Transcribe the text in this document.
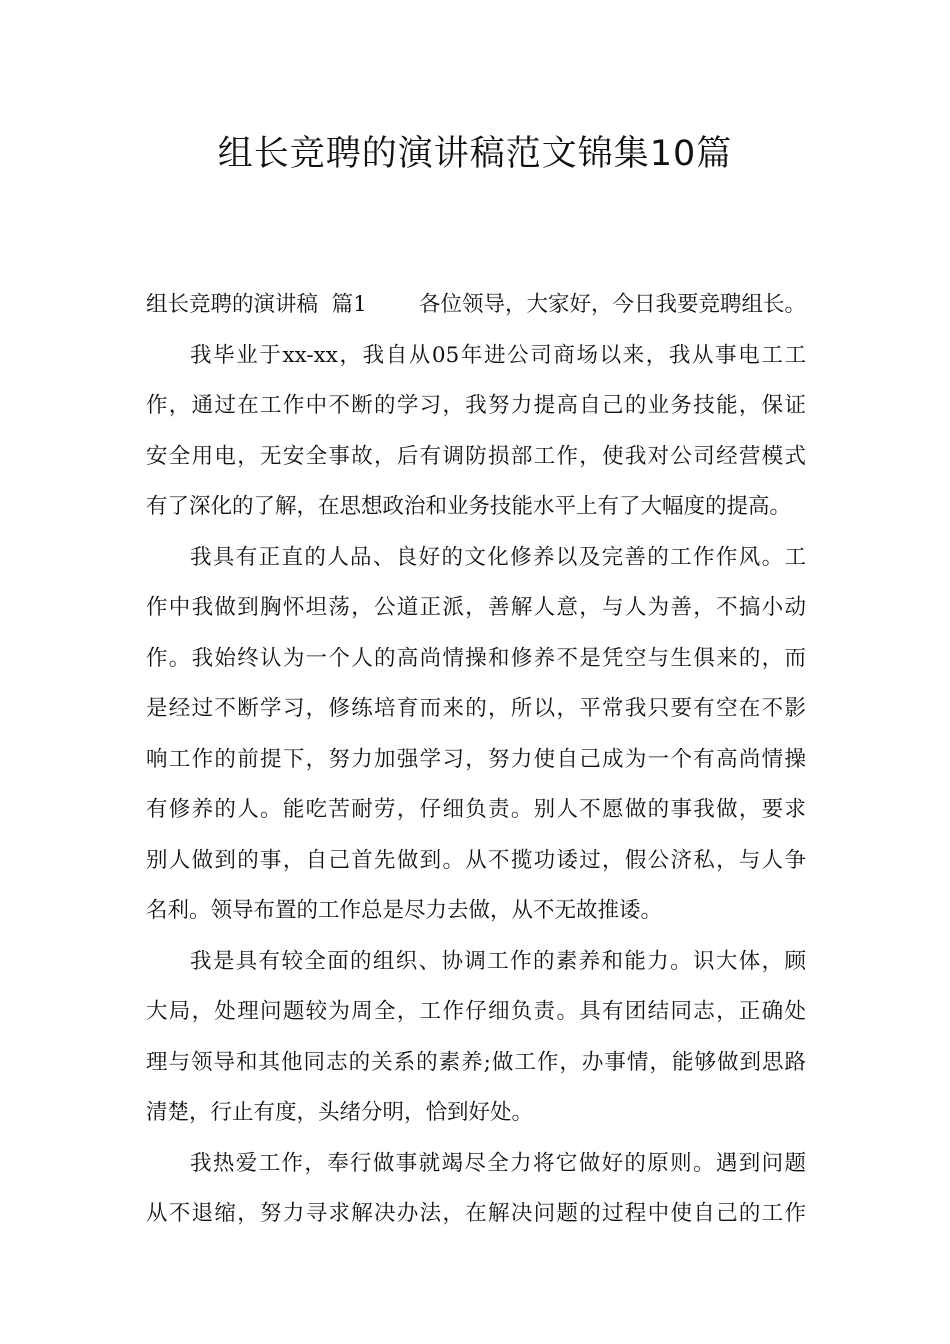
组长竞聘的演讲稿范文锦集10篇
组长竞聘的演讲稿  篇1 各位领导，大家好，今日我要竞聘组长。
我毕业于xx-xx，我自从05年进公司商场以来，我从事电工工
作，通过在工作中不断的学习，我努力提高自己的业务技能，保证
安全用电，无安全事故，后有调防损部工作，使我对公司经营模式
有了深化的了解，在思想政治和业务技能水平上有了大幅度的提高。
我具有正直的人品、良好的文化修养以及完善的工作作风。工
作中我做到胸怀坦荡，公道正派，善解人意，与人为善，不搞小动
作。我始终认为一个人的高尚情操和修养不是凭空与生俱来的，而
是经过不断学习，修练培育而来的，所以，平常我只要有空在不影
响工作的前提下，努力加强学习，努力使自己成为一个有高尚情操
有修养的人。能吃苦耐劳，仔细负责。别人不愿做的事我做，要求
别人做到的事，自己首先做到。从不揽功诿过，假公济私，与人争
名利。领导布置的工作总是尽力去做，从不无故推诿。
我是具有较全面的组织、协调工作的素养和能力。识大体，顾
大局，处理问题较为周全，工作仔细负责。具有团结同志，正确处
理与领导和其他同志的关系的素养;做工作，办事情，能够做到思路
清楚，行止有度，头绪分明，恰到好处。
我热爱工作，奉行做事就竭尽全力将它做好的原则。遇到问题
从不退缩，努力寻求解决办法，在解决问题的过程中使自己的工作
